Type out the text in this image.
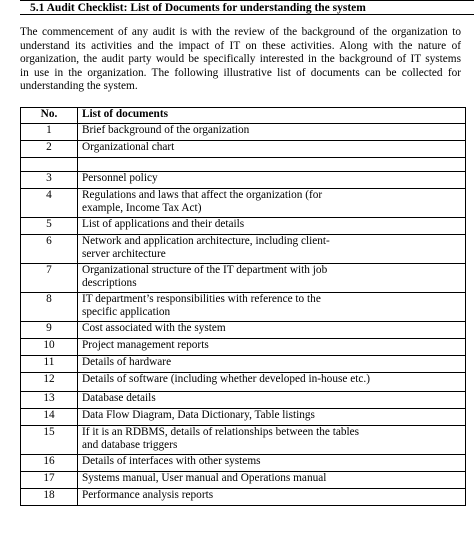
5.1 Audit Checklist: List of Documents for understanding the system
The commencement of any audit is with the review of the background of the organization to
understand its activities and the impact of IT on these activities. Along with the nature of
organization, the audit party would be specifically interested in the background of IT systems
in use in the organization. The following illustrative list of documents can be collected for
understanding the system.
No.	List of documents
1	Brief background of the organization
2	Organizational chart

3	Personnel policy
4	Regulations and laws that affect the organization (for
example, Income Tax Act)
5	List of applications and their details
6	Network and application architecture, including client-
server architecture
7	Organizational structure of the IT department with job
descriptions
8	IT department’s responsibilities with reference to the
specific application
9	Cost associated with the system
10	Project management reports
11	Details of hardware
12	Details of software (including whether developed in-house etc.)
13	Database details
14	Data Flow Diagram, Data Dictionary, Table listings
15	If it is an RDBMS, details of relationships between the tables
and database triggers
16	Details of interfaces with other systems
17	Systems manual, User manual and Operations manual
18	Performance analysis reports
